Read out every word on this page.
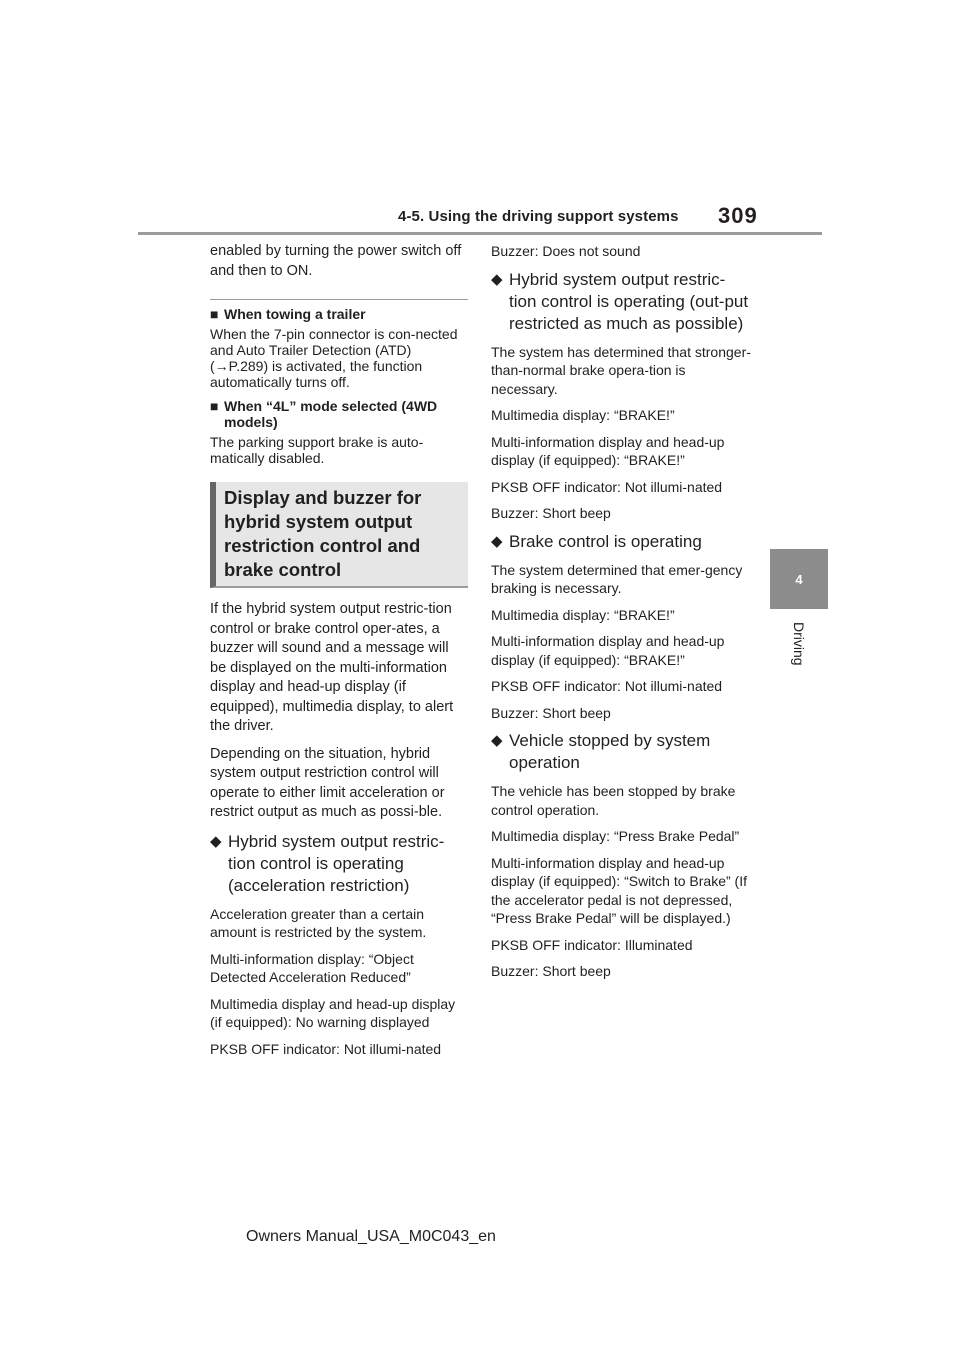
4-5. Using the driving support systems 309
4
Driving

enabled by turning the power switch off and then to ON.

■ When towing a trailer

When the 7-pin connector is con-nected and Auto Trailer Detection (ATD) (→P.289) is activated, the function automatically turns off.

■ When “4L” mode selected (4WD models)

The parking support brake is auto-matically disabled.

Display and buzzer for hybrid system output restriction control and brake control

If the hybrid system output restric-tion control or brake control oper-ates, a buzzer will sound and a message will be displayed on the multi-information display and head-up display (if equipped), multimedia display, to alert the driver.

Depending on the situation, hybrid system output restriction control will operate to either limit acceleration or restrict output as much as possi-ble.

◆ Hybrid system output restric-tion control is operating (acceleration restriction)

Acceleration greater than a certain amount is restricted by the system.

Multi-information display: “Object Detected Acceleration Reduced”

Multimedia display and head-up display (if equipped): No warning displayed

PKSB OFF indicator: Not illumi-nated

Buzzer: Does not sound

◆ Hybrid system output restric-tion control is operating (out-put restricted as much as possible)

The system has determined that stronger-than-normal brake opera-tion is necessary.

Multimedia display: “BRAKE!”

Multi-information display and head-up display (if equipped): “BRAKE!”

PKSB OFF indicator: Not illumi-nated

Buzzer: Short beep

◆ Brake control is operating

The system determined that emer-gency braking is necessary.

Multimedia display: “BRAKE!”

Multi-information display and head-up display (if equipped): “BRAKE!”

PKSB OFF indicator: Not illumi-nated

Buzzer: Short beep

◆ Vehicle stopped by system operation

The vehicle has been stopped by brake control operation.

Multimedia display: “Press Brake Pedal”

Multi-information display and head-up display (if equipped): “Switch to Brake” (If the accelerator pedal is not depressed, “Press Brake Pedal” will be displayed.)

PKSB OFF indicator: Illuminated

Buzzer: Short beep

Owners Manual_USA_M0C043_en
